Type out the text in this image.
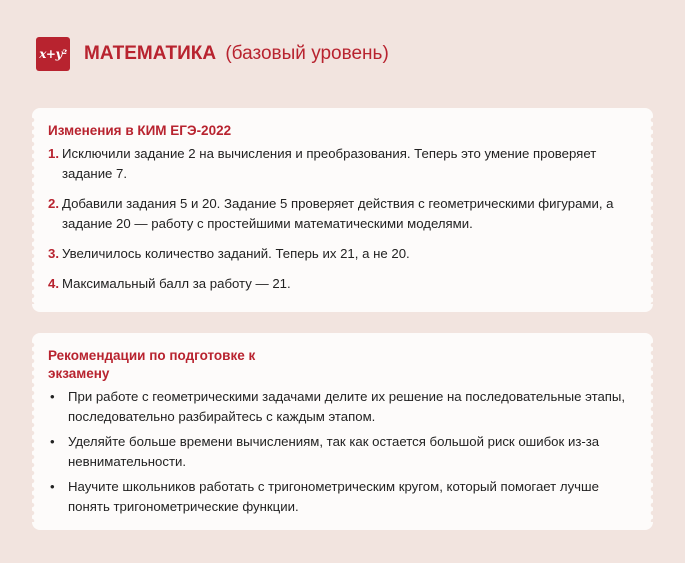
x+y² МАТЕМАТИКА (базовый уровень)
Изменения в КИМ ЕГЭ-2022
1. Исключили задание 2 на вычисления и преобразования. Теперь это умение проверяет задание 7.
2. Добавили задания 5 и 20. Задание 5 проверяет действия с геометрическими фигурами, а задание 20 — работу с простейшими математическими моделями.
3. Увеличилось количество заданий. Теперь их 21, а не 20.
4. Максимальный балл за работу — 21.
Рекомендации по подготовке к экзамену
•	При работе с геометрическими задачами делите их решение на последовательные этапы, последовательно разбирайтесь с каждым этапом.
•	Уделяйте больше времени вычислениям, так как остается большой риск ошибок из-за невнимательности.
•	Научите школьников работать с тригонометрическим кругом, который помогает лучше понять тригонометрические функции.
